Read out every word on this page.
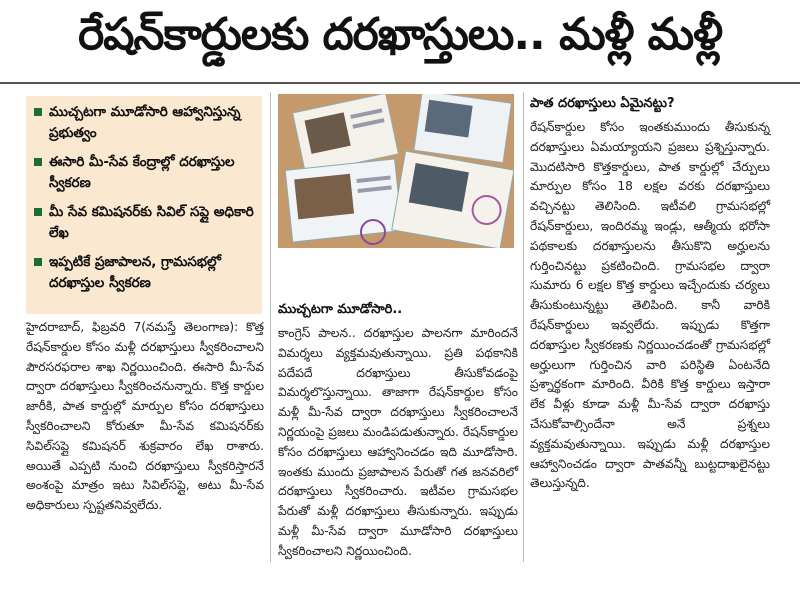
రేషన్‌కార్డులకు దరఖాస్తులు.. మళ్లీ మళ్లీ
ముచ్చటగా మూడోసారి ఆహ్వానిస్తున్న ప్రభుత్వం
ఈసారి మీ-సేవ కేంద్రాల్లో దరఖాస్తుల స్వీకరణ
మీ సేవ కమిషనర్‌కు సివిల్ సప్లై అధికారి లేఖ
ఇప్పటికే ప్రజాపాలన, గ్రామసభల్లో దరఖాస్తుల స్వీకరణ
హైదరాబాద్, ఫిబ్రవరి 7(నమస్తే తెలంగాణ): కొత్త రేషన్‌కార్డుల కోసం మళ్లీ దరఖాస్తులు స్వీకరించాలని పౌరసరఫరాల శాఖ నిర్ణయించింది. ఈసారి మీ-సేవ ద్వారా దరఖాస్తులు స్వీకరించనున్నారు. కొత్త కార్డుల జారీకి, పాత కార్డుల్లో మార్పుల కోసం దరఖాస్తులు స్వీకరించాలని కోరుతూ మీ-సేవ కమిషనర్‌కు సివిల్‌సప్లై కమిషనర్ శుక్రవారం లేఖ రాశారు. అయితే ఎప్పటి నుంచి దరఖాస్తులు స్వీకరిస్తారనే అంశంపై మాత్రం ఇటు సివిల్‌సప్లై, అటు మీ-సేవ అధికారులు స్పష్టతనివ్వలేదు.
ముచ్చటగా మూడోసారి..
కాంగ్రెస్ పాలన.. దరఖాస్తుల పాలనగా మారిందనే విమర్శలు వ్యక్తమవుతున్నాయి. ప్రతి పథకానికి పదేపదే దరఖాస్తులు తీసుకోవడంపై విమర్శలొస్తున్నాయి. తాజాగా రేషన్‌కార్డుల కోసం మళ్లీ మీ-సేవ ద్వారా దరఖాస్తులు స్వీకరించాలనే నిర్ణయంపై ప్రజలు మండిపడుతున్నారు. రేషన్‌కార్డుల కోసం దరఖాస్తులు ఆహ్వానించడం ఇది మూడోసారి. ఇంతకు ముందు ప్రజాపాలన పేరుతో గత జనవరిలో దరఖాస్తులు స్వీకరించారు. ఇటీవల గ్రామసభల పేరుతో మళ్లీ దరఖాస్తులు తీసుకున్నారు. ఇప్పుడు మళ్లీ మీ-సేవ ద్వారా మూడోసారి దరఖాస్తులు స్వీకరించాలని నిర్ణయించింది.
పాత దరఖాస్తులు ఏమైనట్టు?
రేషన్‌కార్డుల కోసం ఇంతకుముందు తీసుకున్న దరఖాస్తులు ఏమయ్యాయని ప్రజలు ప్రశ్నిస్తున్నారు. మొదటిసారి కొత్తకార్డులు, పాత కార్డుల్లో చేర్పులు మార్పుల కోసం 18 లక్షల వరకు దరఖాస్తులు వచ్చినట్టు తెలిసింది. ఇటీవలి గ్రామసభల్లో రేషన్‌కార్డులు, ఇందిరమ్మ ఇండ్లు, ఆత్మీయ భరోసా పథకాలకు దరఖాస్తులను తీసుకొని అర్హులను గుర్తించినట్టు ప్రకటించింది. గ్రామసభల ద్వారా సుమారు 6 లక్షల కొత్త కార్డులు ఇచ్చేందుకు చర్యలు తీసుకుంటున్నట్టు తెలిపింది. కానీ వారికి రేషన్‌కార్డులు ఇవ్వలేదు. ఇప్పుడు కొత్తగా దరఖాస్తుల స్వీకరణకు నిర్ణయించడంతో గ్రామసభల్లో అర్హులుగా గుర్తించిన వారి పరిస్థితి ఏంటనేది ప్రశ్నార్థకంగా మారింది. వీరికి కొత్త కార్డులు ఇస్తారా లేక వీళ్లు కూడా మళ్లీ మీ-సేవ ద్వారా దరఖాస్తు చేసుకోవాల్సిందేనా అనే ప్రశ్నలు వ్యక్తమవుతున్నాయి. ఇప్పుడు మళ్లీ దరఖాస్తుల ఆహ్వానించడం ద్వారా పాతవన్నీ బుట్టదాఖలైనట్టు తెలుస్తున్నది.
